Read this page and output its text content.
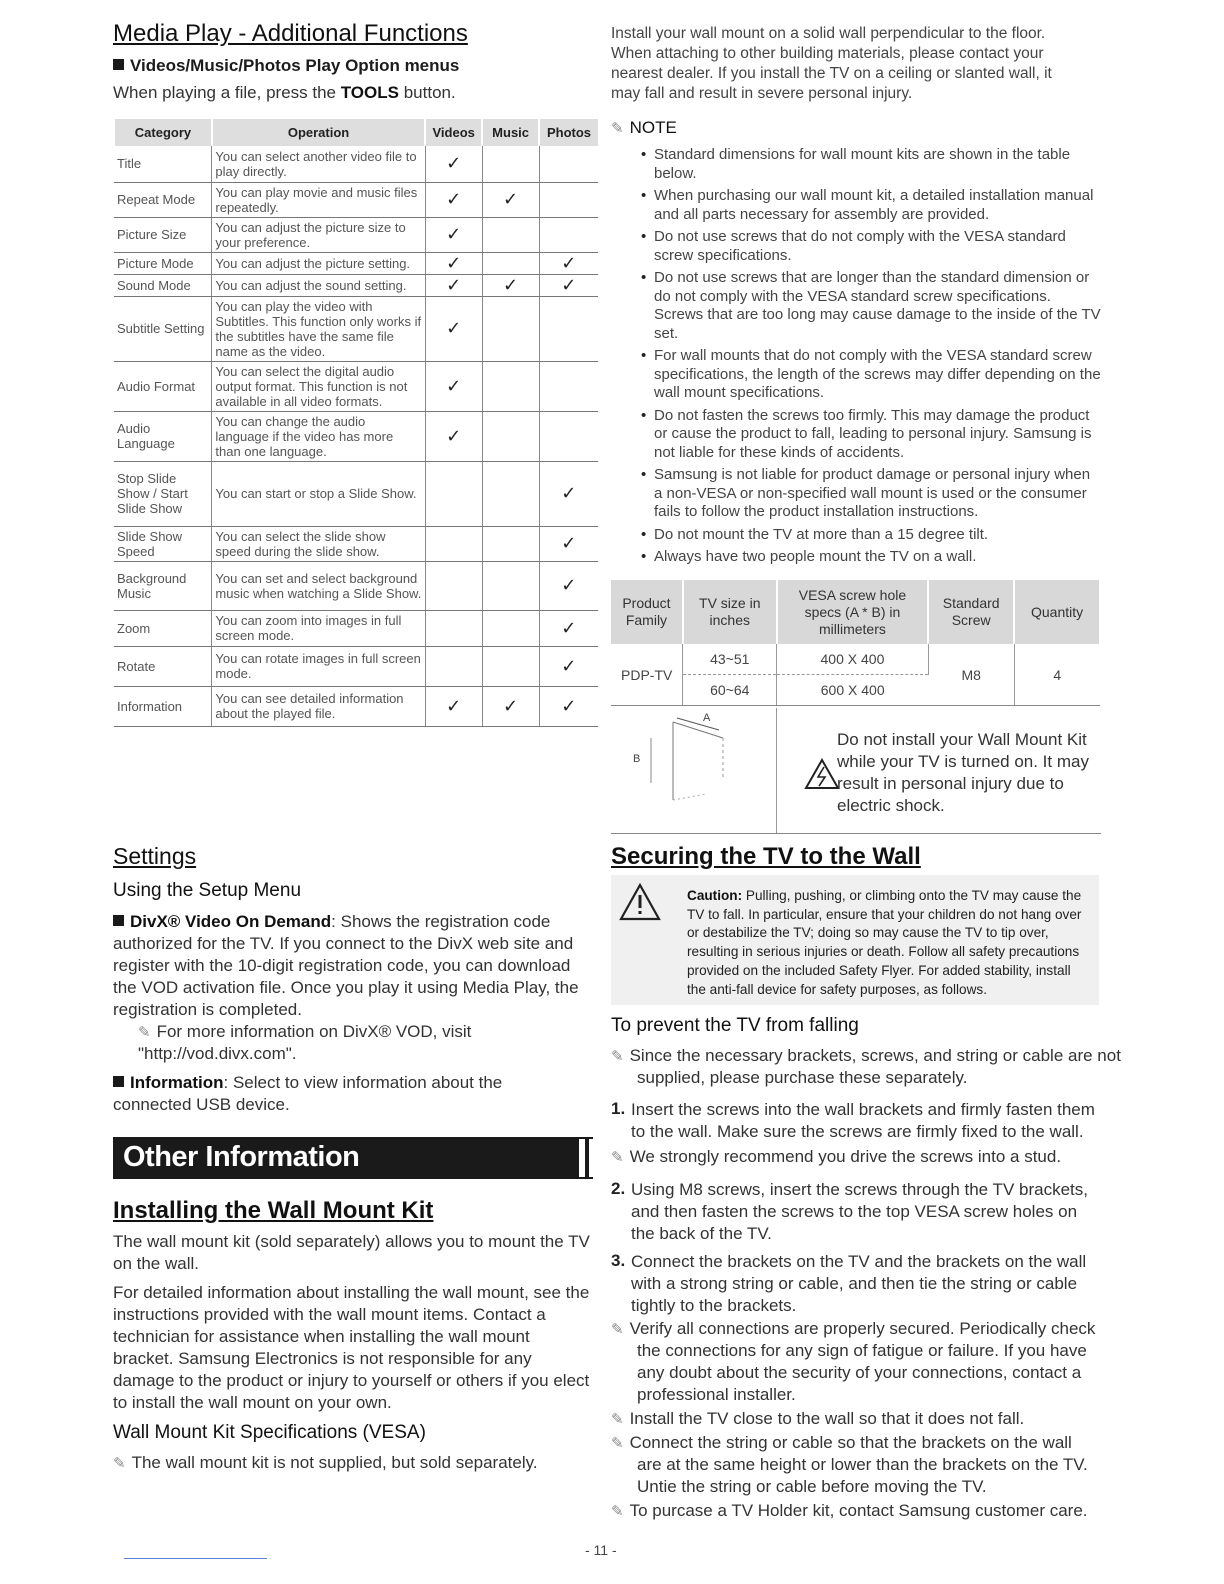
Media Play - Additional Functions
Videos/Music/Photos Play Option menus
When playing a file, press the TOOLS button.
Category	Operation	Videos	Music	Photos
Title	You can select another video file to play directly.	✓		
Repeat Mode	You can play movie and music files repeatedly.	✓	✓	
Picture Size	You can adjust the picture size to your preference.	✓		
Picture Mode	You can adjust the picture setting.	✓		✓
Sound Mode	You can adjust the sound setting.	✓	✓	✓
Subtitle Setting	You can play the video with Subtitles. This function only works if the subtitles have the same file name as the video.	✓		
Audio Format	You can select the digital audio output format. This function is not available in all video formats.	✓		
Audio Language	You can change the audio language if the video has more than one language.	✓		
Stop Slide Show / Start Slide Show	You can start or stop a Slide Show.			✓
Slide Show Speed	You can select the slide show speed during the slide show.			✓
Background Music	You can set and select background music when watching a Slide Show.			✓
Zoom	You can zoom into images in full screen mode.			✓
Rotate	You can rotate images in full screen mode.			✓
Information	You can see detailed information about the played file.	✓	✓	✓
Settings
Using the Setup Menu
DivX® Video On Demand: Shows the registration code authorized for the TV. If you connect to the DivX web site and register with the 10-digit registration code, you can download the VOD activation file. Once you play it using Media Play, the registration is completed.
✎ For more information on DivX® VOD, visit "http://vod.divx.com".
Information: Select to view information about the connected USB device.
Other Information
Installing the Wall Mount Kit
The wall mount kit (sold separately) allows you to mount the TV on the wall.
For detailed information about installing the wall mount, see the instructions provided with the wall mount items. Contact a technician for assistance when installing the wall mount bracket. Samsung Electronics is not responsible for any damage to the product or injury to yourself or others if you elect to install the wall mount on your own.
Wall Mount Kit Specifications (VESA)
✎ The wall mount kit is not supplied, but sold separately.
Install your wall mount on a solid wall perpendicular to the floor. When attaching to other building materials, please contact your nearest dealer. If you install the TV on a ceiling or slanted wall, it may fall and result in severe personal injury.
✎ NOTE
• Standard dimensions for wall mount kits are shown in the table below.
• When purchasing our wall mount kit, a detailed installation manual and all parts necessary for assembly are provided.
• Do not use screws that do not comply with the VESA standard screw specifications.
• Do not use screws that are longer than the standard dimension or do not comply with the VESA standard screw specifications. Screws that are too long may cause damage to the inside of the TV set.
• For wall mounts that do not comply with the VESA standard screw specifications, the length of the screws may differ depending on the wall mount specifications.
• Do not fasten the screws too firmly. This may damage the product or cause the product to fall, leading to personal injury. Samsung is not liable for these kinds of accidents.
• Samsung is not liable for product damage or personal injury when a non-VESA or non-specified wall mount is used or the consumer fails to follow the product installation instructions.
• Do not mount the TV at more than a 15 degree tilt.
• Always have two people mount the TV on a wall.
Product Family	TV size in inches	VESA screw hole specs (A * B) in millimeters	Standard Screw	Quantity
PDP-TV	43~51	400 X 400	M8	4
	60~64	600 X 400		
A
B
Do not install your Wall Mount Kit while your TV is turned on. It may result in personal injury due to electric shock.
Securing the TV to the Wall
Caution: Pulling, pushing, or climbing onto the TV may cause the TV to fall. In particular, ensure that your children do not hang over or destabilize the TV; doing so may cause the TV to tip over, resulting in serious injuries or death. Follow all safety precautions provided on the included Safety Flyer. For added stability, install the anti-fall device for safety purposes, as follows.
To prevent the TV from falling
✎ Since the necessary brackets, screws, and string or cable are not supplied, please purchase these separately.
1. Insert the screws into the wall brackets and firmly fasten them to the wall. Make sure the screws are firmly fixed to the wall.
✎ We strongly recommend you drive the screws into a stud.
2. Using M8 screws, insert the screws through the TV brackets, and then fasten the screws to the top VESA screw holes on the back of the TV.
3. Connect the brackets on the TV and the brackets on the wall with a strong string or cable, and then tie the string or cable tightly to the brackets.
✎ Verify all connections are properly secured. Periodically check the connections for any sign of fatigue or failure. If you have any doubt about the security of your connections, contact a professional installer.
✎ Install the TV close to the wall so that it does not fall.
✎ Connect the string or cable so that the brackets on the wall are at the same height or lower than the brackets on the TV. Untie the string or cable before moving the TV.
✎ To purcase a TV Holder kit, contact Samsung customer care.
- 11 -
